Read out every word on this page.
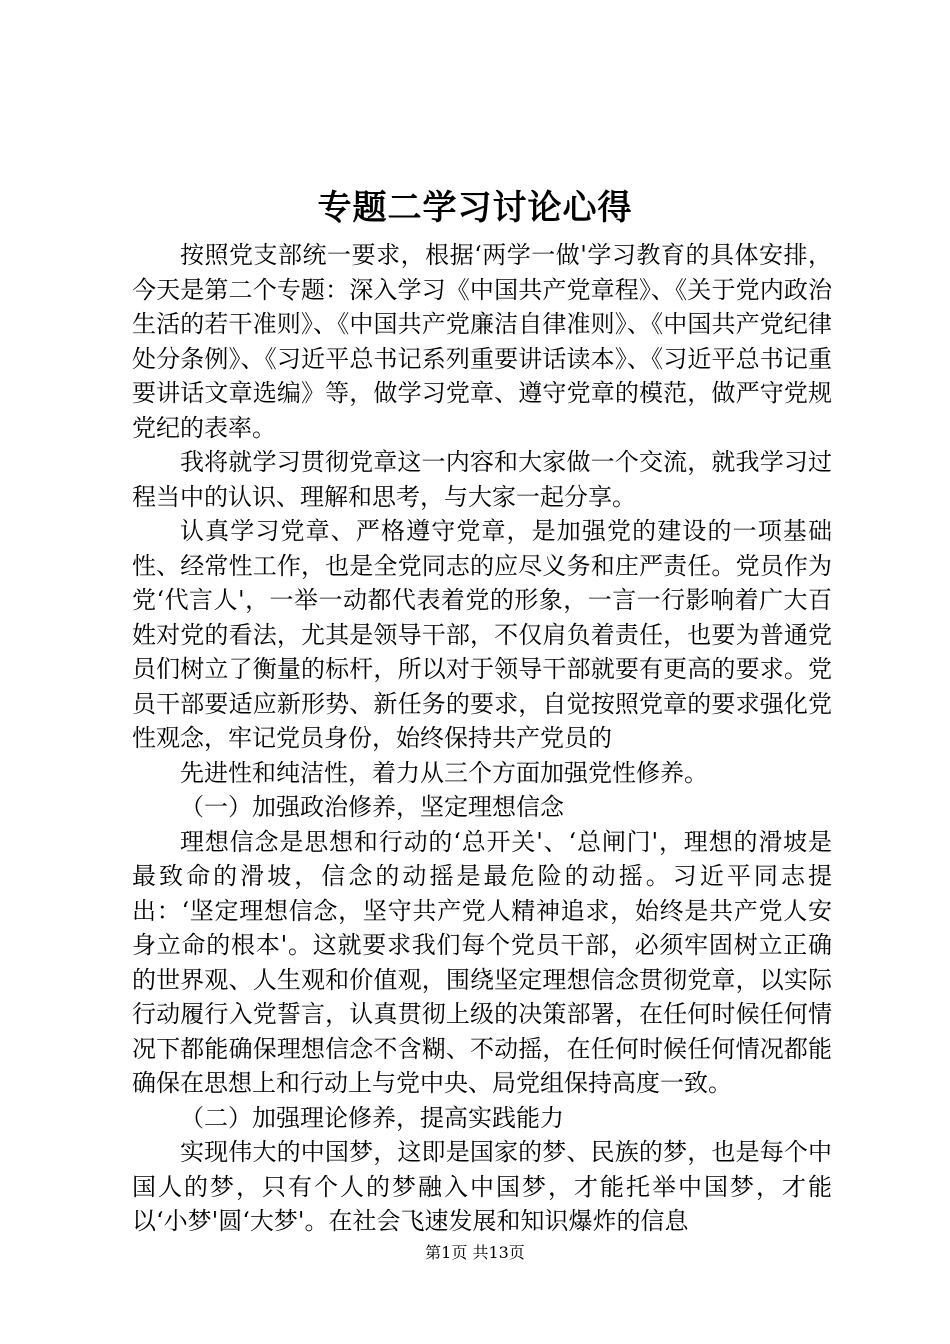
专题二学习讨论心得

按照党支部统一要求，根据‘两学一做'学习教育的具体安排，今天是第二个专题：深入学习《中国共产党章程》、《关于党内政治生活的若干准则》、《中国共产党廉洁自律准则》、《中国共产党纪律处分条例》、《习近平总书记系列重要讲话读本》、《习近平总书记重要讲话文章选编》等，做学习党章、遵守党章的模范，做严守党规党纪的表率。

我将就学习贯彻党章这一内容和大家做一个交流，就我学习过程当中的认识、理解和思考，与大家一起分享。

认真学习党章、严格遵守党章，是加强党的建设的一项基础性、经常性工作，也是全党同志的应尽义务和庄严责任。党员作为党‘代言人'，一举一动都代表着党的形象，一言一行影响着广大百姓对党的看法，尤其是领导干部，不仅肩负着责任，也要为普通党员们树立了衡量的标杆，所以对于领导干部就要有更高的要求。党员干部要适应新形势、新任务的要求，自觉按照党章的要求强化党性观念，牢记党员身份，始终保持共产党员的

先进性和纯洁性，着力从三个方面加强党性修养。

（一）加强政治修养，坚定理想信念

理想信念是思想和行动的‘总开关'、‘总闸门'，理想的滑坡是最致命的滑坡，信念的动摇是最危险的动摇。习近平同志提出：‘坚定理想信念，坚守共产党人精神追求，始终是共产党人安身立命的根本'。这就要求我们每个党员干部，必须牢固树立正确的世界观、人生观和价值观，围绕坚定理想信念贯彻党章，以实际行动履行入党誓言，认真贯彻上级的决策部署，在任何时候任何情况下都能确保理想信念不含糊、不动摇，在任何时候任何情况都能确保在思想上和行动上与党中央、局党组保持高度一致。

（二）加强理论修养，提高实践能力

实现伟大的中国梦，这即是国家的梦、民族的梦，也是每个中国人的梦，只有个人的梦融入中国梦，才能托举中国梦，才能以‘小梦'圆‘大梦'。在社会飞速发展和知识爆炸的信息

第1页 共13页
